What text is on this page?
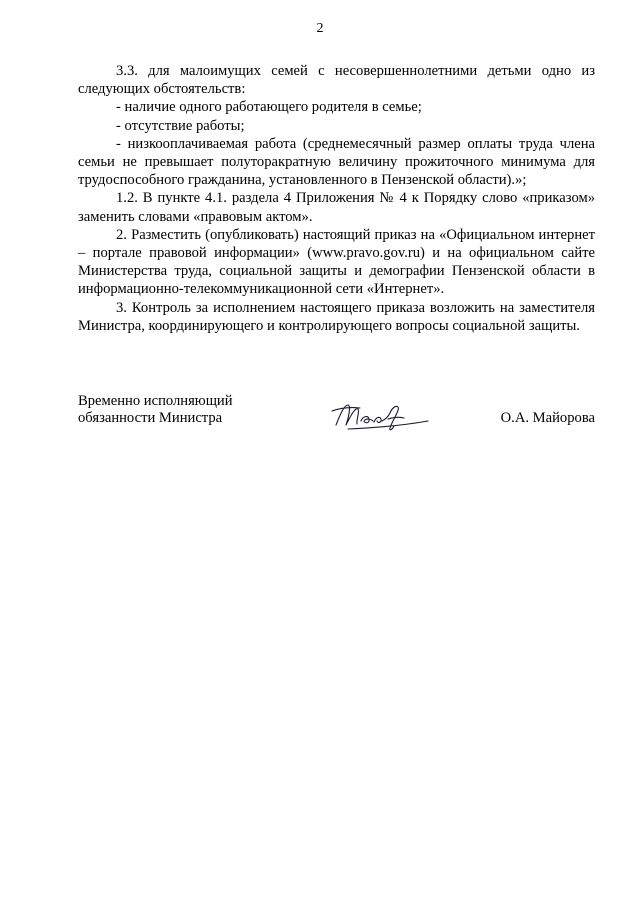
2

3.3. для малоимущих семей с несовершеннолетними детьми одно из следующих обстоятельств:

- наличие одного работающего родителя в семье;

- отсутствие работы;

- низкооплачиваемая работа (среднемесячный размер оплаты труда члена семьи не превышает полуторакратную величину прожиточного минимума для трудоспособного гражданина, установленного в Пензенской области).»;

1.2. В пункте 4.1. раздела 4 Приложения № 4 к Порядку слово «приказом» заменить словами «правовым актом».

2. Разместить (опубликовать) настоящий приказ на «Официальном интернет – портале правовой информации» (www.pravo.gov.ru) и на официальном сайте Министерства труда, социальной защиты и демографии Пензенской области в информационно-телекоммуникационной сети «Интернет».

3. Контроль за исполнением настоящего приказа возложить на заместителя Министра, координирующего и контролирующего вопросы социальной защиты.

Временно исполняющий
обязанности Министра	О.А. Майорова
